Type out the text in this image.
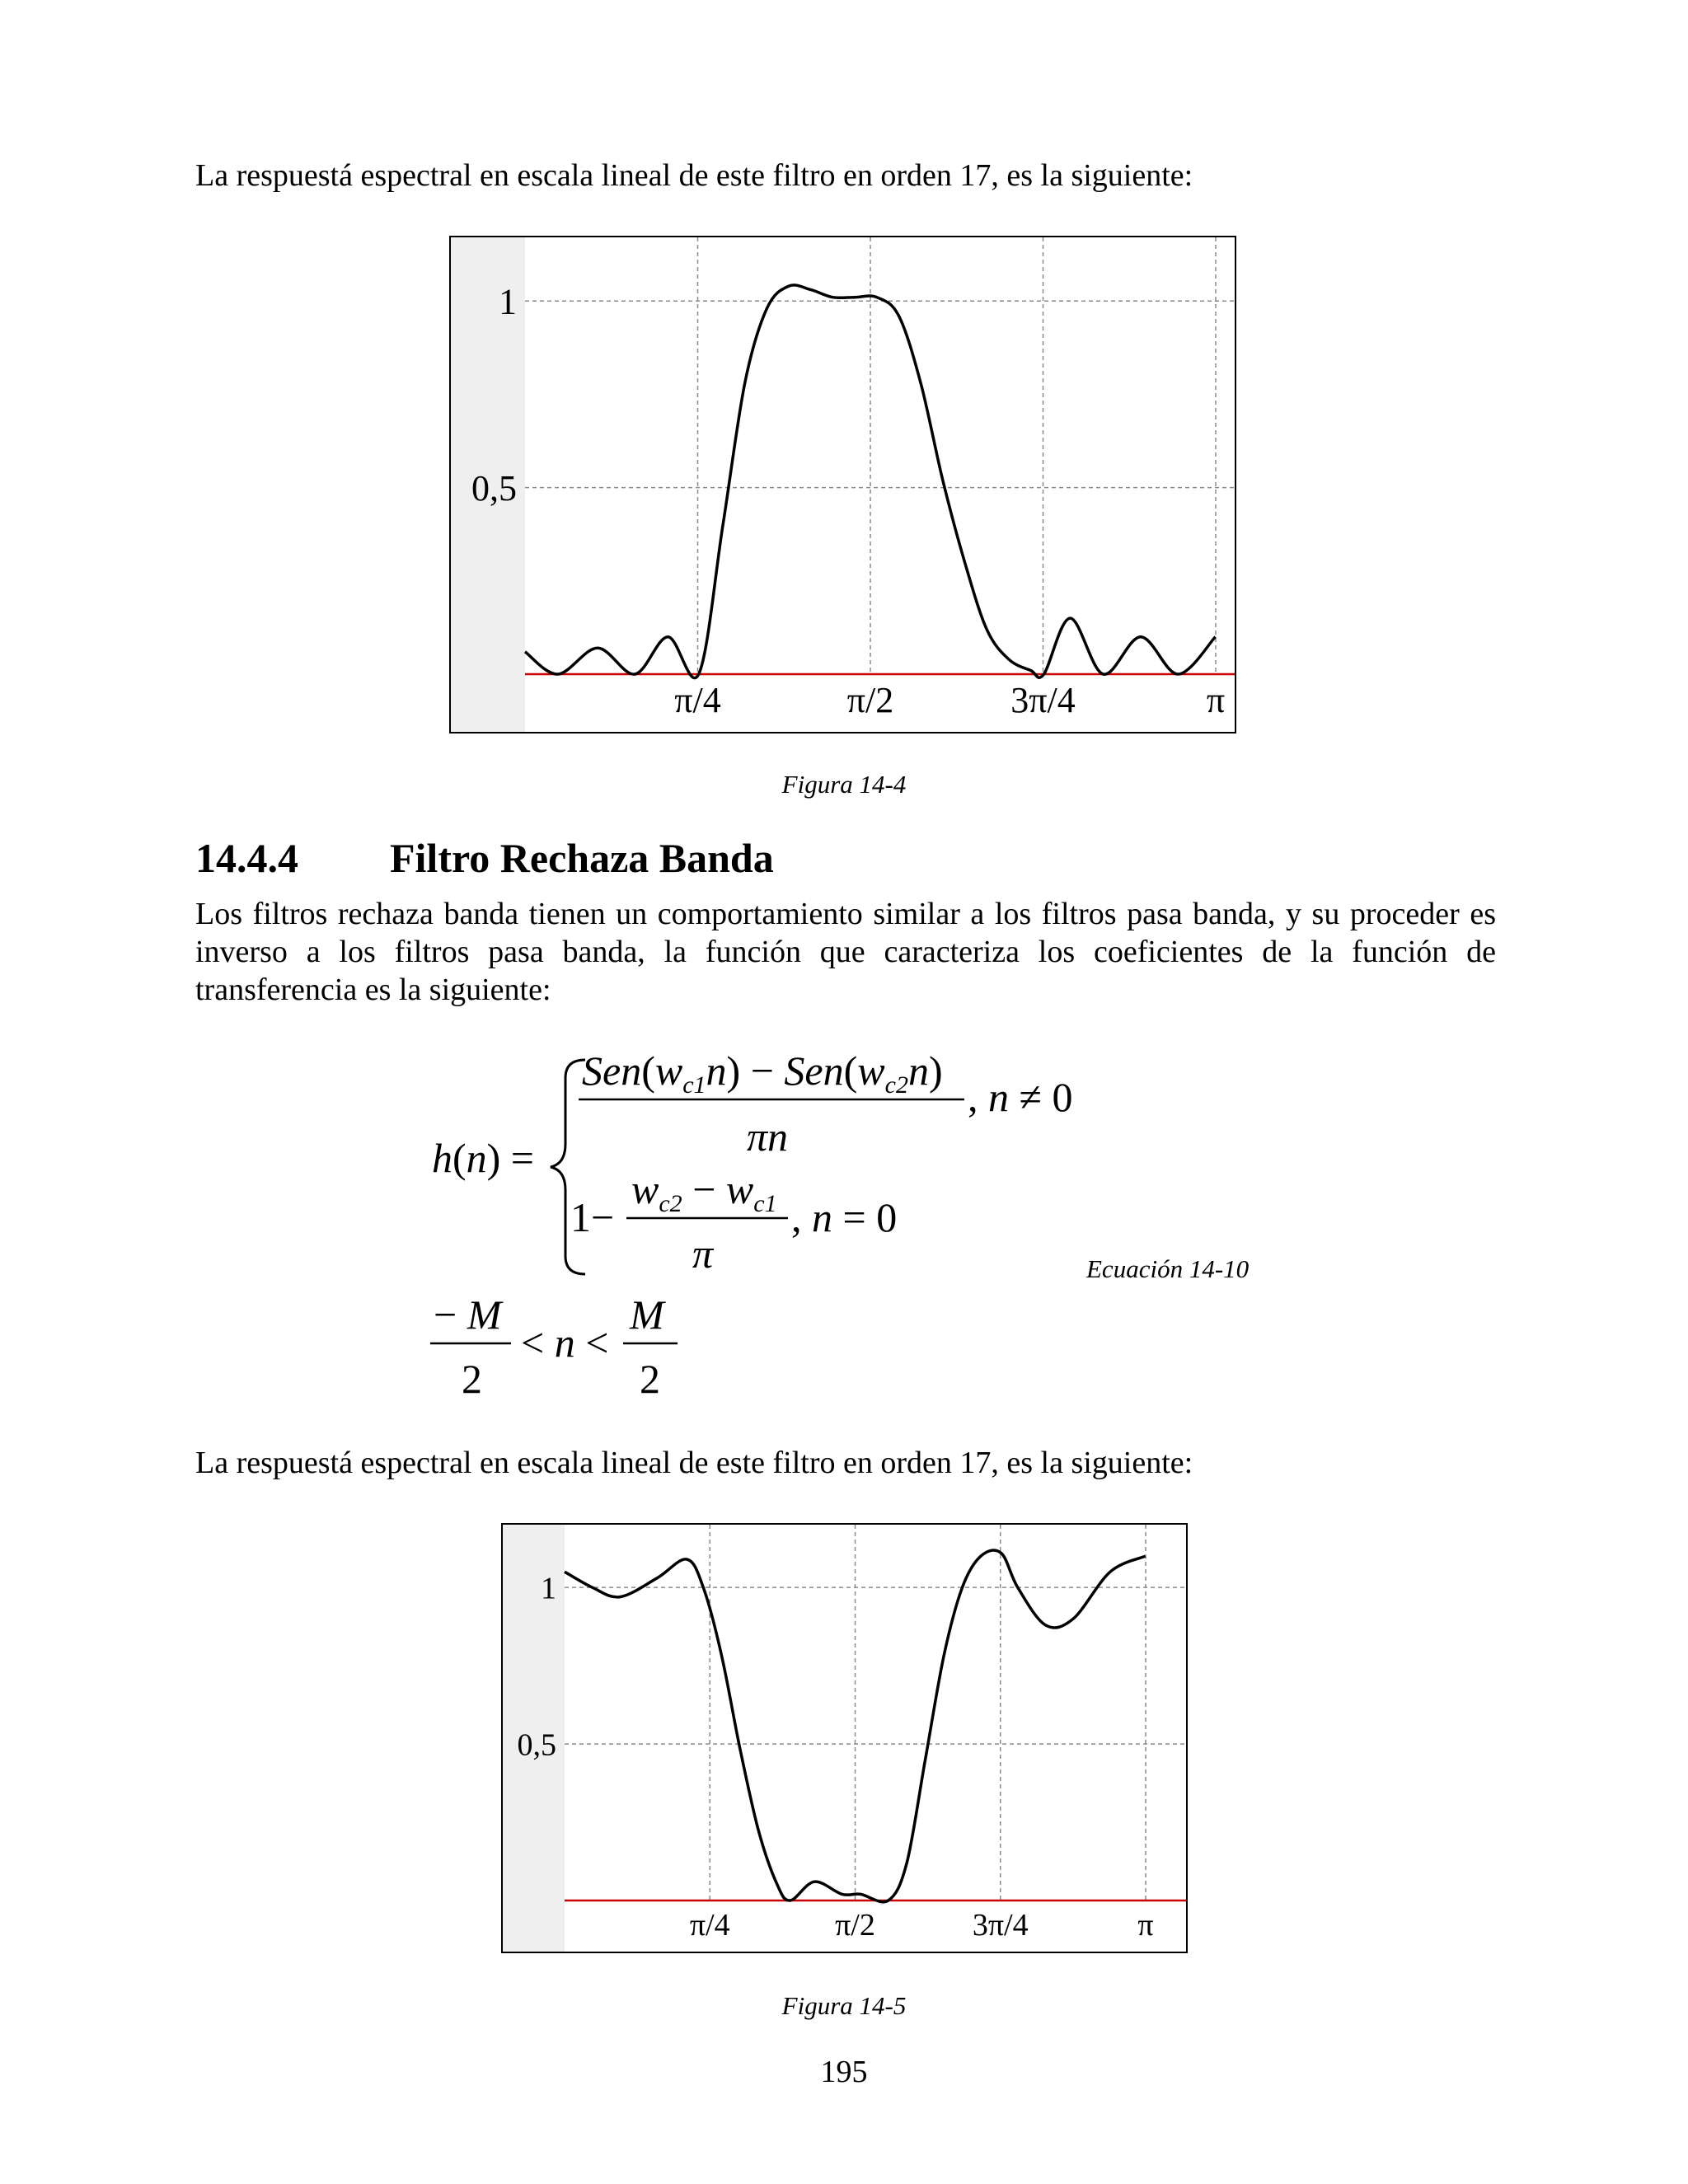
La respuestá espectral en escala lineal de este filtro en orden 17, es la siguiente:
π/4	π/2	3π/4	π
0,5
1
Figura 14-4
14.4.4 Filtro Rechaza Banda
Los filtros rechaza banda tienen un comportamiento similar a los filtros pasa banda, y su proceder es inverso a los filtros pasa banda, la función que caracteriza los coeficientes de la función de transferencia es la siguiente:
h(n) =
$Sen(w_{c1}n) - Sen(w_{c2}n)$
πn
, n ≠ 0
1−
$w_{c2} - w_{c1}$
π
, n = 0
− M
2
< n <
M
2
Ecuación 14-10
La respuestá espectral en escala lineal de este filtro en orden 17, es la siguiente:
π/4	π/2	3π/4	π
0,5
1
Figura 14-5
195
